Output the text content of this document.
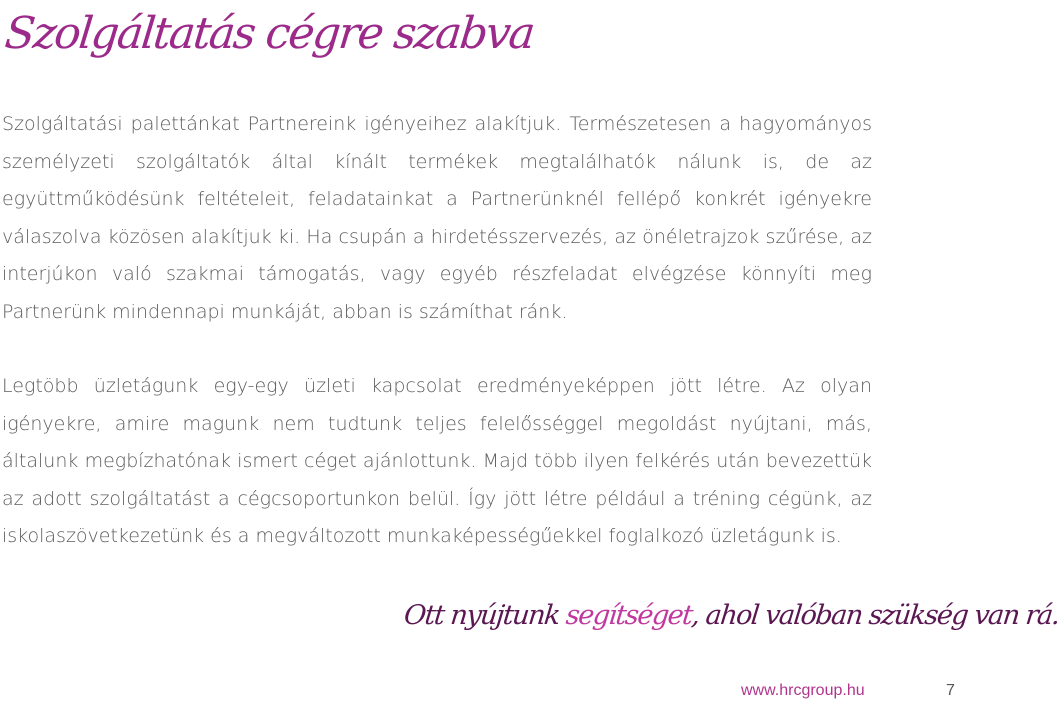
Szolgáltatás cégre szabva

Szolgáltatási palettánkat Partnereink igényeihez alakítjuk. Természetesen a hagyományos személyzeti szolgáltatók által kínált termékek megtalálhatók nálunk is, de az együttműködésünk feltételeit, feladatainkat a Partnerünknél fellépő konkrét igényekre válaszolva közösen alakítjuk ki. Ha csupán a hirdetésszervezés, az önéletrajzok szűrése, az interjúkon való szakmai támogatás, vagy egyéb részfeladat elvégzése könnyíti meg Partnerünk mindennapi munkáját, abban is számíthat ránk.

Legtöbb üzletágunk egy-egy üzleti kapcsolat eredményeképpen jött létre. Az olyan igényekre, amire magunk nem tudtunk teljes felelősséggel megoldást nyújtani, más, általunk megbízhatónak ismert céget ajánlottunk. Majd több ilyen felkérés után bevezettük az adott szolgáltatást a cégcsoportunkon belül. Így jött létre például a tréning cégünk, az iskolaszövetkezetünk és a megváltozott munkaképességűekkel foglalkozó üzletágunk is.

Ott nyújtunk segítséget, ahol valóban szükség van rá.

www.hrcgroup.hu	7
